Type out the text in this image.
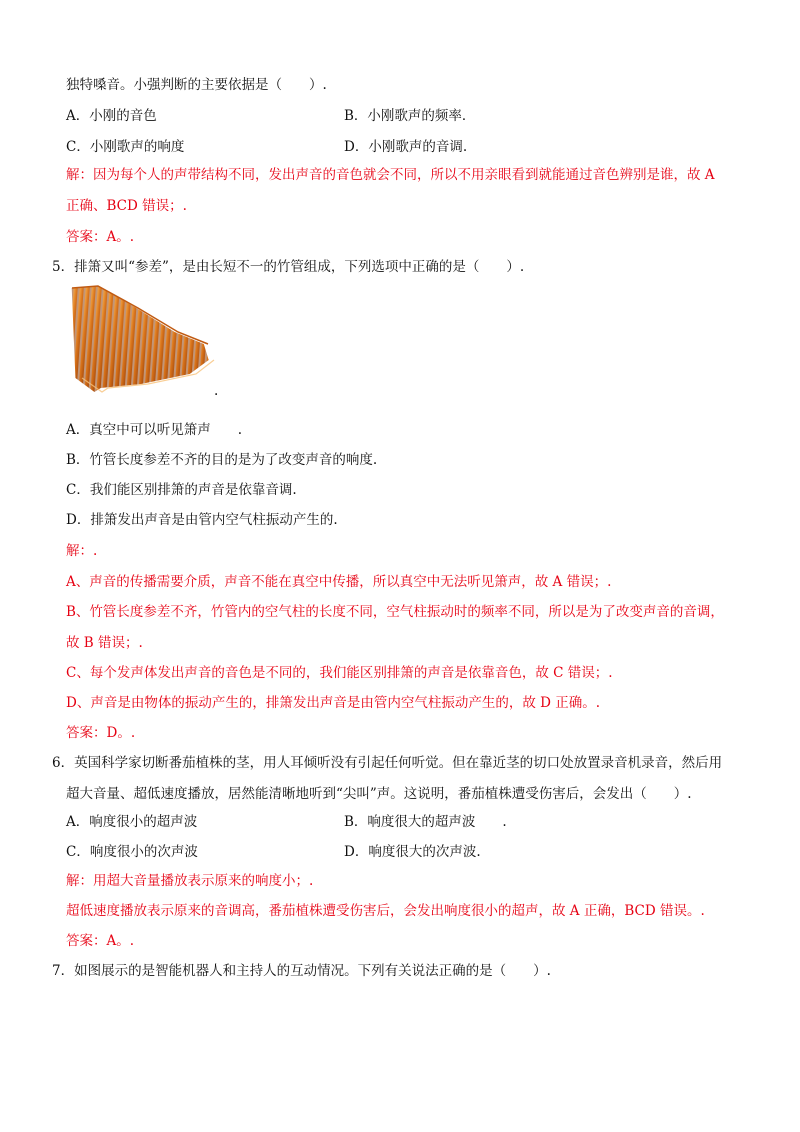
独特嗓音。小强判断的主要依据是（　　）.
A．小刚的音色	B．小刚歌声的频率．
C．小刚歌声的响度	D．小刚歌声的音调.
解：因为每个人的声带结构不同，发出声音的音色就会不同，所以不用亲眼看到就能通过音色辨别是谁，故 A
正确、BCD 错误；.
答案：A。.
5．排箫又叫“参差”，是由长短不一的竹管组成，下列选项中正确的是（　　）.
.
A．真空中可以听见箫声　　.
B．竹管长度参差不齐的目的是为了改变声音的响度.
C．我们能区别排箫的声音是依靠音调.
D．排箫发出声音是由管内空气柱振动产生的.
解：.
A、声音的传播需要介质，声音不能在真空中传播，所以真空中无法听见箫声，故 A 错误；.
B、竹管长度参差不齐，竹管内的空气柱的长度不同，空气柱振动时的频率不同，所以是为了改变声音的音调，
故 B 错误；.
C、每个发声体发出声音的音色是不同的，我们能区别排箫的声音是依靠音色，故 C 错误；.
D、声音是由物体的振动产生的，排箫发出声音是由管内空气柱振动产生的，故 D 正确。.
答案：D。.
6．英国科学家切断番茄植株的茎，用人耳倾听没有引起任何听觉。但在靠近茎的切口处放置录音机录音，然后用
超大音量、超低速度播放，居然能清晰地听到“尖叫”声。这说明，番茄植株遭受伤害后，会发出（　　）.
A．响度很小的超声波	B．响度很大的超声波　　.
C．响度很小的次声波	D．响度很大的次声波.
解：用超大音量播放表示原来的响度小；.
超低速度播放表示原来的音调高，番茄植株遭受伤害后，会发出响度很小的超声，故 A 正确，BCD 错误。.
答案：A。.
7．如图展示的是智能机器人和主持人的互动情况。下列有关说法正确的是（　　）.
